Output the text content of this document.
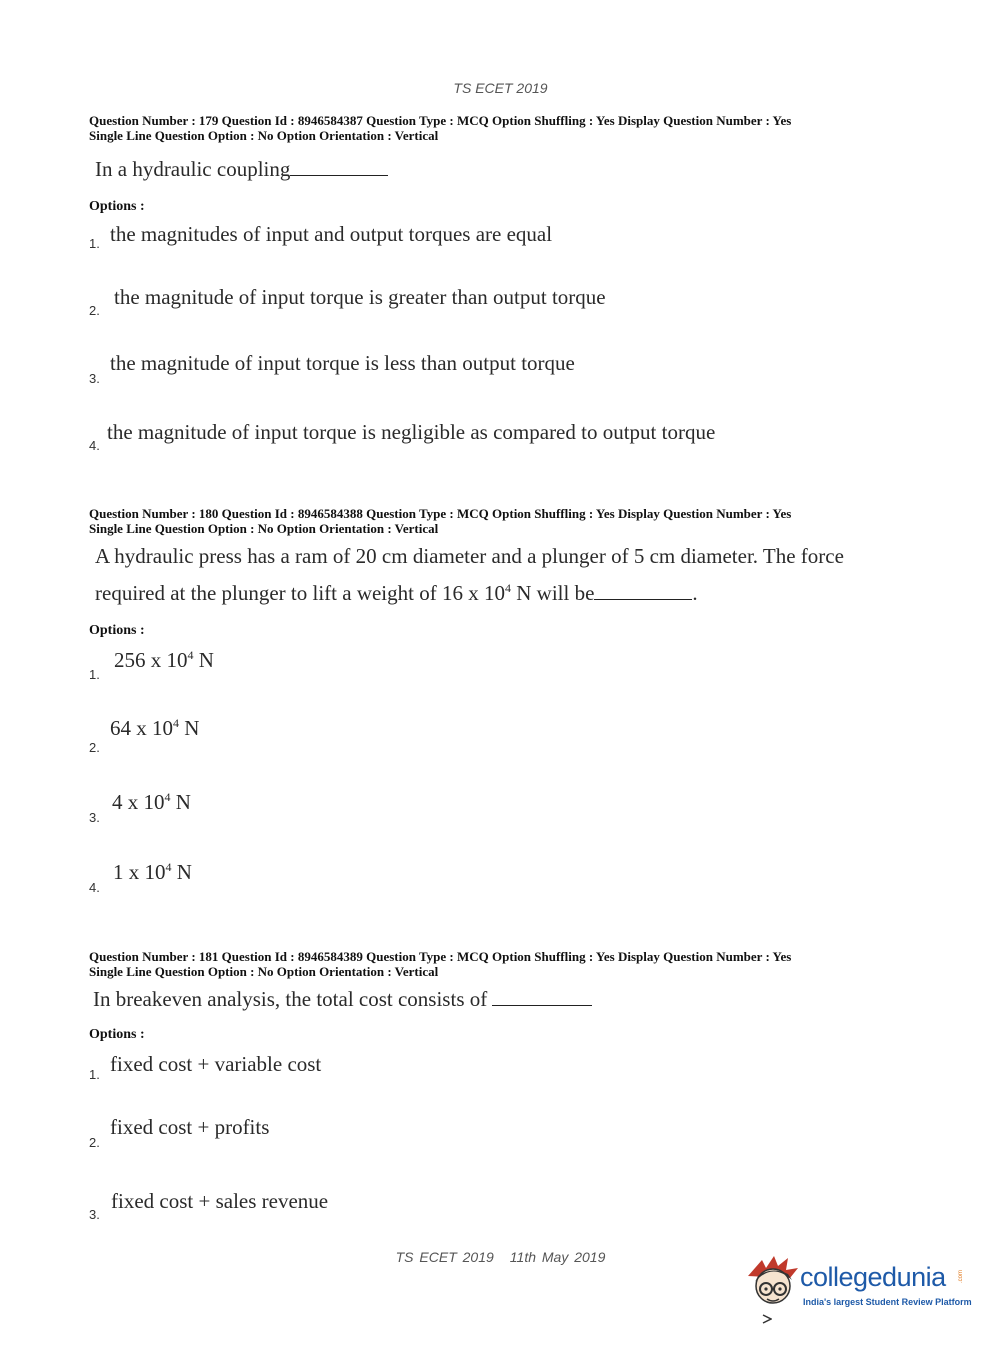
TS ECET 2019
Question Number : 179 Question Id : 8946584387 Question Type : MCQ Option Shuffling : Yes Display Question Number : Yes
Single Line Question Option : No Option Orientation : Vertical
In a hydraulic coupling
Options :
1. the magnitudes of input and output torques are equal
2.
the magnitude of input torque is greater than output torque
3.
the magnitude of input torque is less than output torque
4.
the magnitude of input torque is negligible as compared to output torque
Question Number : 180 Question Id : 8946584388 Question Type : MCQ Option Shuffling : Yes Display Question Number : Yes
Single Line Question Option : No Option Orientation : Vertical
A hydraulic press has a ram of 20 cm diameter and a plunger of 5 cm diameter. The force
required at the plunger to lift a weight of 16 x $10^4$ N will be	.
Options :
1.
256 x $10^4$ N
2.
64 x $10^4$ N
3.
4 x $10^4$ N
4.
1 x $10^4$ N
Question Number : 181 Question Id : 8946584389 Question Type : MCQ Option Shuffling : Yes Display Question Number : Yes
Single Line Question Option : No Option Orientation : Vertical
In breakeven analysis, the total cost consists of
Options :
1. fixed cost + variable cost
2.
fixed cost + profits
3.
fixed cost + sales revenue
TS ECET 2019 11th May 2019
collegedunia .com
India's largest Student Review Platform
